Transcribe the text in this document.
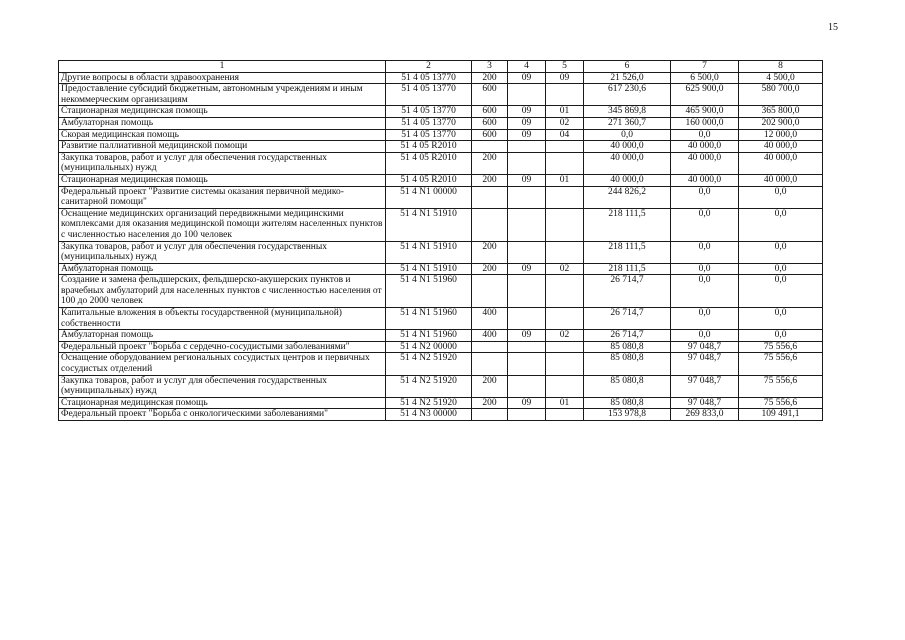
15
1	2	3	4	5	6	7	8
Другие вопросы в области здравоохранения	51 4 05 13770	200	09	09	21 526,0	6 500,0	4 500,0
Предоставление субсидий бюджетным, автономным учреждениям и иным некоммерческим организациям	51 4 05 13770	600			617 230,6	625 900,0	580 700,0
Стационарная медицинская помощь	51 4 05 13770	600	09	01	345 869,8	465 900,0	365 800,0
Амбулаторная помощь	51 4 05 13770	600	09	02	271 360,7	160 000,0	202 900,0
Скорая медицинская помощь	51 4 05 13770	600	09	04	0,0	0,0	12 000,0
Развитие паллиативной медицинской помощи	51 4 05 R2010				40 000,0	40 000,0	40 000,0
Закупка товаров, работ и услуг для обеспечения государственных (муниципальных) нужд	51 4 05 R2010	200			40 000,0	40 000,0	40 000,0
Стационарная медицинская помощь	51 4 05 R2010	200	09	01	40 000,0	40 000,0	40 000,0
Федеральный проект "Развитие системы оказания первичной медико-санитарной помощи"	51 4 N1 00000				244 826,2	0,0	0,0
Оснащение медицинских организаций передвижными медицинскими комплексами для оказания медицинской помощи жителям населенных пунктов с численностью населения до 100 человек	51 4 N1 51910				218 111,5	0,0	0,0
Закупка товаров, работ и услуг для обеспечения государственных (муниципальных) нужд	51 4 N1 51910	200			218 111,5	0,0	0,0
Амбулаторная помощь	51 4 N1 51910	200	09	02	218 111,5	0,0	0,0
Создание и замена фельдшерских, фельдшерско-акушерских пунктов и врачебных амбулаторий для населенных пунктов с численностью населения от 100 до 2000 человек	51 4 N1 51960				26 714,7	0,0	0,0
Капитальные вложения в объекты государственной (муниципальной) собственности	51 4 N1 51960	400			26 714,7	0,0	0,0
Амбулаторная помощь	51 4 N1 51960	400	09	02	26 714,7	0,0	0,0
Федеральный проект "Борьба с сердечно-сосудистыми заболеваниями"	51 4 N2 00000				85 080,8	97 048,7	75 556,6
Оснащение оборудованием региональных сосудистых центров и первичных сосудистых отделений	51 4 N2 51920				85 080,8	97 048,7	75 556,6
Закупка товаров, работ и услуг для обеспечения государственных (муниципальных) нужд	51 4 N2 51920	200			85 080,8	97 048,7	75 556,6
Стационарная медицинская помощь	51 4 N2 51920	200	09	01	85 080,8	97 048,7	75 556,6
Федеральный проект "Борьба с онкологическими заболеваниями"	51 4 N3 00000				153 978,8	269 833,0	109 491,1
